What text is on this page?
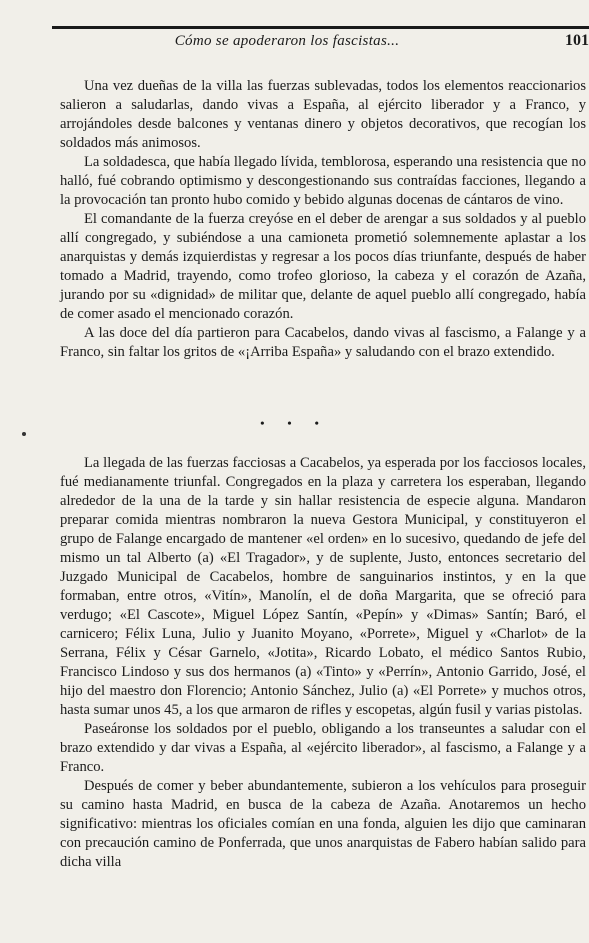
Cómo se apoderaron los fascistas...	101

Una vez dueñas de la villa las fuerzas sublevadas, todos los elementos reaccionarios salieron a saludarlas, dando vivas a España, al ejército liberador y a Franco, y arrojándoles desde balcones y ventanas dinero y objetos decorativos, que recogían los soldados más animosos.

La soldadesca, que había llegado lívida, temblorosa, esperando una resistencia que no halló, fué cobrando optimismo y descongestionando sus contraídas facciones, llegando a la provocación tan pronto hubo comido y bebido algunas docenas de cántaros de vino.

El comandante de la fuerza creyóse en el deber de arengar a sus soldados y al pueblo allí congregado, y subiéndose a una camioneta prometió solemnemente aplastar a los anarquistas y demás izquierdistas y regresar a los pocos días triunfante, después de haber tomado a Madrid, trayendo, como trofeo glorioso, la cabeza y el corazón de Azaña, jurando por su «dignidad» de militar que, delante de aquel pueblo allí congregado, había de comer asado el mencionado corazón.

A las doce del día partieron para Cacabelos, dando vivas al fascismo, a Falange y a Franco, sin faltar los gritos de «¡Arriba España» y saludando con el brazo extendido.

• • •

La llegada de las fuerzas facciosas a Cacabelos, ya esperada por los facciosos locales, fué medianamente triunfal. Congregados en la plaza y carretera los esperaban, llegando alrededor de la una de la tarde y sin hallar resistencia de especie alguna. Mandaron preparar comida mientras nombraron la nueva Gestora Municipal, y constituyeron el grupo de Falange encargado de mantener «el orden» en lo sucesivo, quedando de jefe del mismo un tal Alberto (a) «El Tragador», y de suplente, Justo, entonces secretario del Juzgado Municipal de Cacabelos, hombre de sanguinarios instintos, y en la que formaban, entre otros, «Vitín», Manolín, el de doña Margarita, que se ofreció para verdugo; «El Cascote», Miguel López Santín, «Pepín» y «Dimas» Santín; Baró, el carnicero; Félix Luna, Julio y Juanito Moyano, «Porrete», Miguel y «Charlot» de la Serrana, Félix y César Garnelo, «Jotita», Ricardo Lobato, el médico Santos Rubio, Francisco Lindoso y sus dos hermanos (a) «Tinto» y «Perrín», Antonio Garrido, José, el hijo del maestro don Florencio; Antonio Sánchez, Julio (a) «El Porrete» y muchos otros, hasta sumar unos 45, a los que armaron de rifles y escopetas, algún fusil y varias pistolas.

Paseáronse los soldados por el pueblo, obligando a los transeuntes a saludar con el brazo extendido y dar vivas a España, al «ejército liberador», al fascismo, a Falange y a Franco.

Después de comer y beber abundantemente, subieron a los vehículos para proseguir su camino hasta Madrid, en busca de la cabeza de Azaña. Anotaremos un hecho significativo: mientras los oficiales comían en una fonda, alguien les dijo que caminaran con precaución camino de Ponferrada, que unos anarquistas de Fabero habían salido para dicha villa
